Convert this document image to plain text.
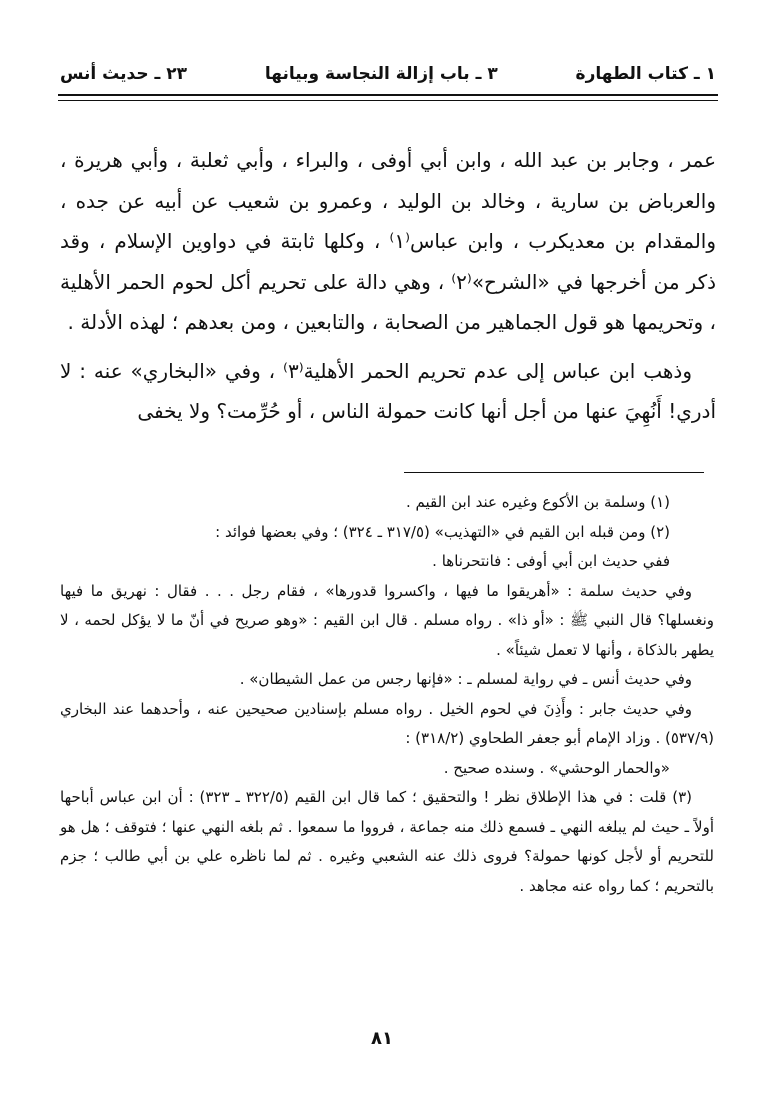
١ ـ كتاب الطهارة
٣ ـ باب إزالة النجاسة وبيانها
٢٣ ـ حديث أنس

عمر ، وجابر بن عبد الله ، وابن أبي أوفى ، والبراء ، وأبي ثعلبة ، وأبي هريرة ، والعرباض بن سارية ، وخالد بن الوليد ، وعمرو بن شعيب عن أبيه عن جده ، والمقدام بن معديكرب ، وابن عباس⁽١⁾ ، وكلها ثابتة في دواوين الإسلام ، وقد ذكر من أخرجها في «الشرح»⁽٢⁾ ، وهي دالة على تحريم أكل لحوم الحمر الأهلية ، وتحريمها هو قول الجماهير من الصحابة ، والتابعين ، ومن بعدهم ؛ لهذه الأدلة .

وذهب ابن عباس إلى عدم تحريم الحمر الأهلية⁽٣⁾ ، وفي «البخاري» عنه : لا أدري! أَنُهِيَ عنها من أجل أنها كانت حمولة الناس ، أو حُرِّمت؟ ولا يخفى

(١) وسلمة بن الأكوع وغيره عند ابن القيم .

(٢) ومن قبله ابن القيم في «التهذيب» (٣١٧/٥ ـ ٣٢٤) ؛ وفي بعضها فوائد :

ففي حديث ابن أبي أوفى : فانتحرناها .

وفي حديث سلمة : «أهريقوا ما فيها ، واكسروا قدورها» ، فقام رجل . . . فقال : نهريق ما فيها ونغسلها؟ قال النبي ﷺ : «أو ذا» . رواه مسلم . قال ابن القيم : «وهو صريح في أنّ ما لا يؤكل لحمه ، لا يطهر بالذكاة ، وأنها لا تعمل شيئاً» .

وفي حديث أنس ـ في رواية لمسلم ـ : «فإنها رجس من عمل الشيطان» .

وفي حديث جابر : وأَذِنَ في لحوم الخيل . رواه مسلم بإسنادين صحيحين عنه ، وأحدهما عند البخاري (٥٣٧/٩) . وزاد الإمام أبو جعفر الطحاوي (٣١٨/٢) :

«والحمار الوحشي» . وسنده صحيح .

(٣) قلت : في هذا الإطلاق نظر ! والتحقيق ؛ كما قال ابن القيم (٣٢٢/٥ ـ ٣٢٣) : أن ابن عباس أباحها أولاً ـ حيث لم يبلغه النهي ـ فسمع ذلك منه جماعة ، فرووا ما سمعوا . ثم بلغه النهي عنها ؛ فتوقف ؛ هل هو للتحريم أو لأجل كونها حمولة؟ فروى ذلك عنه الشعبي وغيره . ثم لما ناظره علي بن أبي طالب ؛ جزم بالتحريم ؛ كما رواه عنه مجاهد .

٨١
